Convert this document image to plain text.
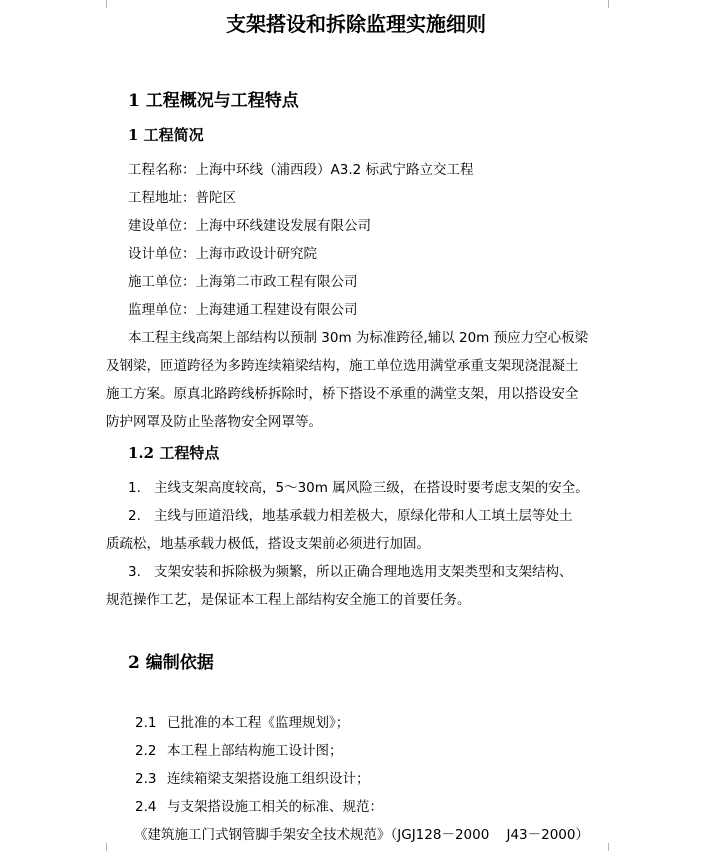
支架搭设和拆除监理实施细则
1 工程概况与工程特点
1 工程简况

工程名称：上海中环线（浦西段）A3.2 标武宁路立交工程

工程地址：普陀区

建设单位：上海中环线建设发展有限公司

设计单位：上海市政设计研究院

施工单位：上海第二市政工程有限公司

监理单位：上海建通工程建设有限公司

本工程主线高架上部结构以预制 30m 为标准跨径,辅以 20m 预应力空心板梁

及钢梁，匝道跨径为多跨连续箱梁结构，施工单位选用满堂承重支架现浇混凝土

施工方案。原真北路跨线桥拆除时，桥下搭设不承重的满堂支架，用以搭设安全

防护网罩及防止坠落物安全网罩等。

1.2 工程特点

1. 主线支架高度较高，5～30m 属风险三级，在搭设时要考虑支架的安全。

2. 主线与匝道沿线，地基承载力相差极大，原绿化带和人工填土层等处土

质疏松，地基承载力极低，搭设支架前必须进行加固。

3. 支架安装和拆除极为频繁，所以正确合理地选用支架类型和支架结构、

规范操作工艺，是保证本工程上部结构安全施工的首要任务。

2 编制依据

2.1 已批准的本工程《监理规划》；

2.2 本工程上部结构施工设计图；

2.3 连续箱梁支架搭设施工组织设计；

2.4 与支架搭设施工相关的标准、规范：

《建筑施工门式钢管脚手架安全技术规范》（JGJ128－2000    J43－2000）
